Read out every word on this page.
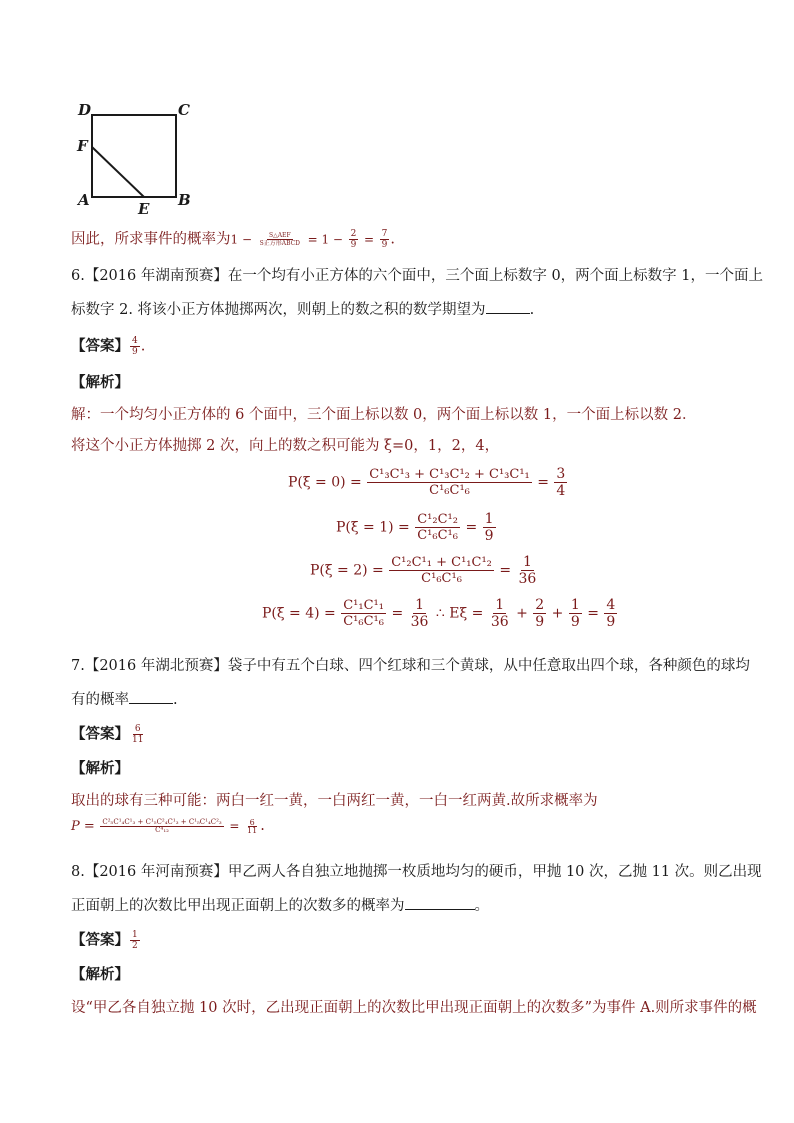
D	C
F
A	E B
因此，所求事件的概率为$1 - \frac{\text{S△AEF}}{\text{S正方形ABCD}} = 1 - \frac{2}{9} = \frac{7}{9}$ .
6.【2016 年湖南预赛】在一个均有小正方体的六个面中，三个面上标数字 0，两个面上标数字 1，一个面上
标数字 2. 将该小正方体抛掷两次，则朝上的数之积的数学期望为	.
【答案】 $\frac{4}{9}$ .
【解析】
解：一个均匀小正方体的 6 个面中，三个面上标以数 0，两个面上标以数 1，一个面上标以数 2．
将这个小正方体抛掷 2 次，向上的数之积可能为 ξ=0，1，2，4，
$P(\xi = 0) = \frac{\text{C¹₃C¹₃ + C¹₃C¹₂ + C¹₃C¹₁}}{\text{C¹₆C¹₆}} = \frac{3}{4}$
$P(\xi = 1) = \frac{\text{C¹₂C¹₂}}{\text{C¹₆C¹₆}} = \frac{1}{9}$
$P(\xi = 2) = \frac{\text{C¹₂C¹₁ + C¹₁C¹₂}}{\text{C¹₆C¹₆}} = \frac{1}{36}$
$P(\xi = 4) = \frac{\text{C¹₁C¹₁}}{\text{C¹₆C¹₆}} = \frac{1}{36}$ ∴ $E\xi = \frac{1}{36} + \frac{2}{9} + \frac{1}{9} = \frac{4}{9}$
7.【2016 年湖北预赛】袋子中有五个白球、四个红球和三个黄球，从中任意取出四个球，各种颜色的球均
有的概率	.
【答案】 $\frac{6}{11}$
【解析】
取出的球有三种可能：两白一红一黄，一白两红一黄，一白一红两黄.故所求概率为
$P = \frac{\text{C²₅C¹₄C¹₃ + C¹₅C²₄C¹₃ + C¹₅C¹₄C²₃}}{\text{C⁴₁₂}} = \frac{6}{11}$ .
8.【2016 年河南预赛】甲乙两人各自独立地抛掷一枚质地均匀的硬币，甲抛 10 次，乙抛 11 次。则乙出现
正面朝上的次数比甲出现正面朝上的次数多的概率为	。
【答案】 $\frac{1}{2}$
【解析】
设“甲乙各自独立抛 10 次时，乙出现正面朝上的次数比甲出现正面朝上的次数多”为事件 A.则所求事件的概
